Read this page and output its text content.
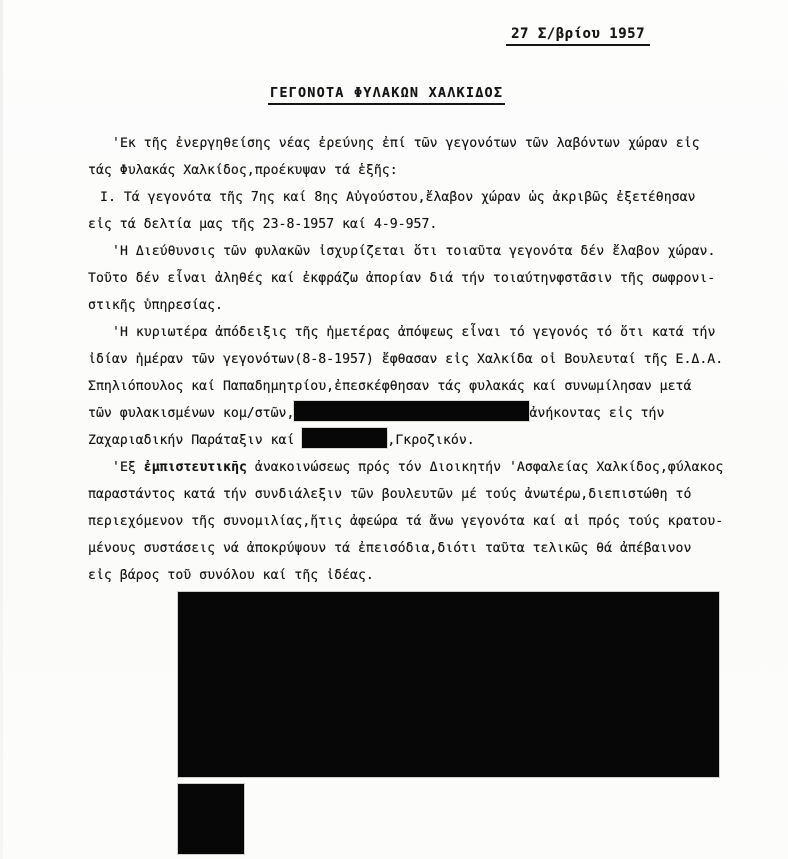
27 Σ/βρίου 1957
ΓΕΓΟΝΟΤΑ ΦΥΛΑΚΩΝ ΧΑΛΚΙΔΟΣ
'Εκ τῆς ἐνεργηθείσης νέας ἐρεύνης ἐπί τῶν γεγονότων τῶν λαβόντων χώραν εἰς
τάς Φυλακάς Χαλκίδος,προέκυψαν τά ἑξῆς:
Ι. Τά γεγονότα τῆς 7ης καί 8ης Αὐγούστου,ἔλαβον χώραν ὡς ἀκριβῶς ἐξετέθησαν
εἰς τά δελτία μας τῆς 23-8-1957 καί 4-9-957.
'Η Διεύθυνσις τῶν φυλακῶν ἰσχυρίζεται ὅτι τοιαῦτα γεγονότα δέν ἔλαβον χώραν.
Τοῦτο δέν εἶναι ἀληθές καί ἐκφράζω ἀπορίαν διά τήν τοιαύτηνφστᾶσιν τῆς σωφρονι-
στικῆς ὑπηρεσίας.
'Η κυριωτέρα ἀπόδειξις τῆς ἡμετέρας ἀπόψεως εἶναι τό γεγονός τό ὅτι κατά τήν
ἰδίαν ἡμέραν τῶν γεγονότων(8-8-1957) ἔφθασαν εἰς Χαλκίδα οἱ Βουλευταί τῆς Ε.Δ.Α.
Σπηλιόπουλος καί Παπαδημητρίου,ἐπεσκέφθησαν τάς φυλακάς καί συνωμίλησαν μετά
τῶν φυλακισμένων κομ/στῶν,	ἀνήκοντας εἰς τήν
Ζαχαριαδικήν Παράταξιν καί	,Γκροζικόν.
'Εξ ἐμπιστευτικῆς ἀνακοινώσεως πρός τόν Διοικητήν 'Ασφαλείας Χαλκίδος,φύλακος
παραστάντος κατά τήν συνδιάλεξιν τῶν βουλευτῶν μέ τούς ἀνωτέρω,διεπιστώθη τό
περιεχόμενον τῆς συνομιλίας,ἥτις ἀφεώρα τά ἄνω γεγονότα καί αἱ πρός τούς κρατου-
μένους συστάσεις νά ἀποκρύψουν τά ἐπεισόδια,διότι ταῦτα τελικῶς θά ἀπέβαινον
εἰς βάρος τοῦ συνόλου καί τῆς ἰδέας.
